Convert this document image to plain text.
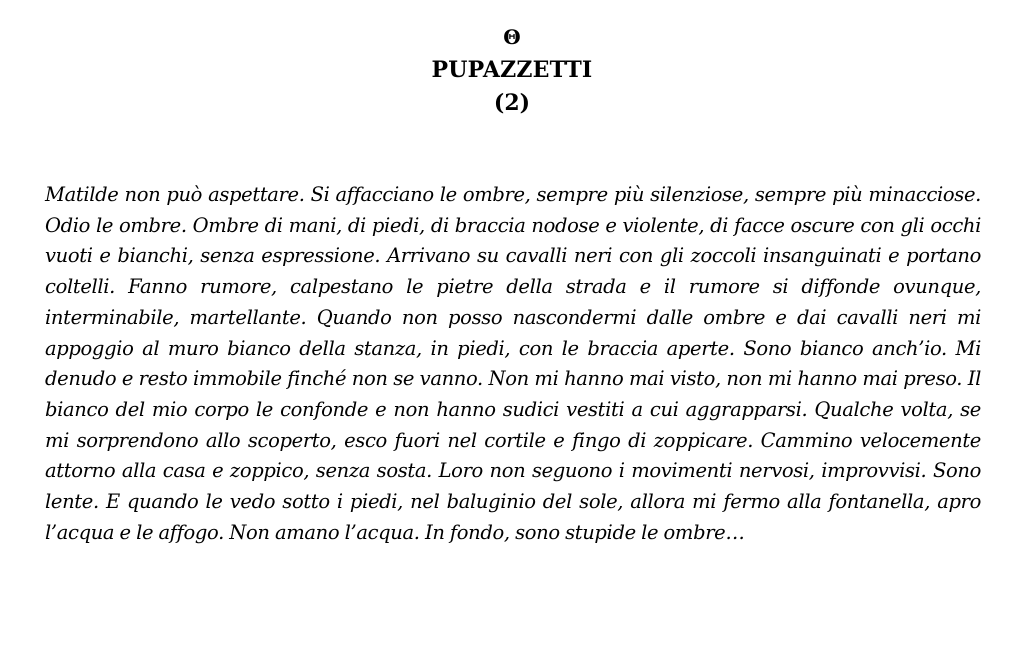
Θ
PUPAZZETTI
(2)

Matilde non può aspettare. Si affacciano le ombre, sempre più silenziose, sempre più minacciose. Odio le ombre. Ombre di mani, di piedi, di braccia nodose e violente, di facce oscure con gli occhi vuoti e bianchi, senza espressione. Arrivano su cavalli neri con gli zoccoli insanguinati e portano coltelli. Fanno rumore, calpestano le pietre della strada e il rumore si diffonde ovunque, interminabile, martellante. Quando non posso nascondermi dalle ombre e dai cavalli neri mi appoggio al muro bianco della stanza, in piedi, con le braccia aperte. Sono bianco anch’io. Mi denudo e resto immobile finché non se vanno. Non mi hanno mai visto, non mi hanno mai preso. Il bianco del mio corpo le confonde e non hanno sudici vestiti a cui aggrapparsi. Qualche volta, se mi sorprendono allo scoperto, esco fuori nel cortile e fingo di zoppicare. Cammino velocemente attorno alla casa e zoppico, senza sosta. Loro non seguono i movimenti nervosi, improvvisi. Sono lente. E quando le vedo sotto i piedi, nel baluginio del sole, allora mi fermo alla fontanella, apro l’acqua e le affogo. Non amano l’acqua. In fondo, sono stupide le ombre…
